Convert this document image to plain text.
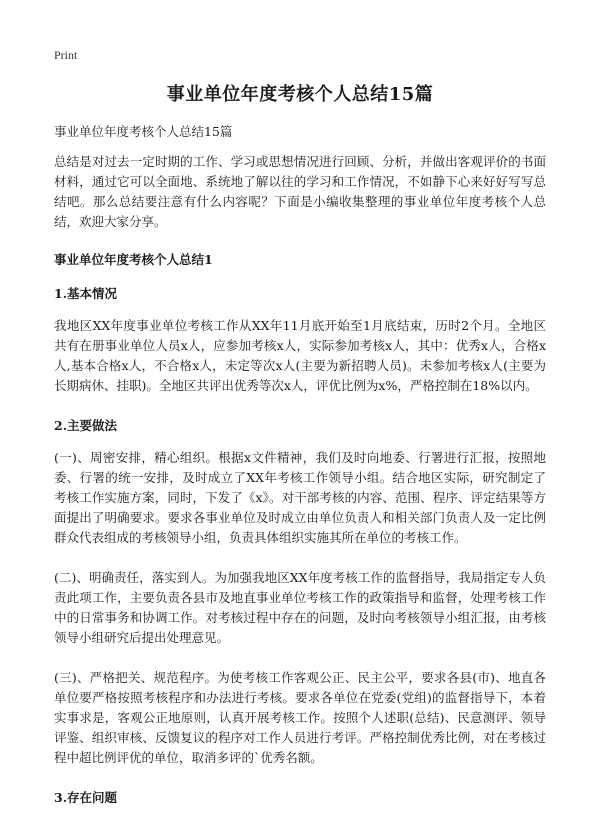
Print
事业单位年度考核个人总结15篇

事业单位年度考核个人总结15篇

总结是对过去一定时期的工作、学习或思想情况进行回顾、分析，并做出客观评价的书面材料，通过它可以全面地、系统地了解以往的学习和工作情况，不如静下心来好好写写总结吧。那么总结要注意有什么内容呢？下面是小编收集整理的事业单位年度考核个人总结，欢迎大家分享。

事业单位年度考核个人总结1
1.基本情况

我地区XX年度事业单位考核工作从XX年11月底开始至1月底结束，历时2个月。全地区共有在册事业单位人员x人，应参加考核x人，实际参加考核x人，其中：优秀x人，合格x人,基本合格x人，不合格x人，未定等次x人(主要为新招聘人员)。未参加考核x人(主要为长期病休、挂职)。全地区共评出优秀等次x人，评优比例为x%，严格控制在18%以内。

2.主要做法

(一)、周密安排，精心组织。根据x文件精神，我们及时向地委、行署进行汇报，按照地委、行署的统一安排，及时成立了XX年考核工作领导小组。结合地区实际，研究制定了考核工作实施方案，同时，下发了《x》。对干部考核的内容、范围、程序、评定结果等方面提出了明确要求。要求各事业单位及时成立由单位负责人和相关部门负责人及一定比例群众代表组成的考核领导小组，负责具体组织实施其所在单位的考核工作。

(二)、明确责任，落实到人。为加强我地区XX年度考核工作的监督指导，我局指定专人负责此项工作，主要负责各县市及地直事业单位考核工作的政策指导和监督，处理考核工作中的日常事务和协调工作。对考核过程中存在的问题，及时向考核领导小组汇报，由考核领导小组研究后提出处理意见。

(三)、严格把关、规范程序。为使考核工作客观公正、民主公平，要求各县(市)、地直各单位要严格按照考核程序和办法进行考核。要求各单位在党委(党组)的监督指导下，本着实事求是，客观公正地原则，认真开展考核工作。按照个人述职(总结)、民意测评、领导评鉴、组织审核、反馈复议的程序对工作人员进行考评。严格控制优秀比例，对在考核过程中超比例评优的单位，取消多评的`优秀名额。

3.存在问题
